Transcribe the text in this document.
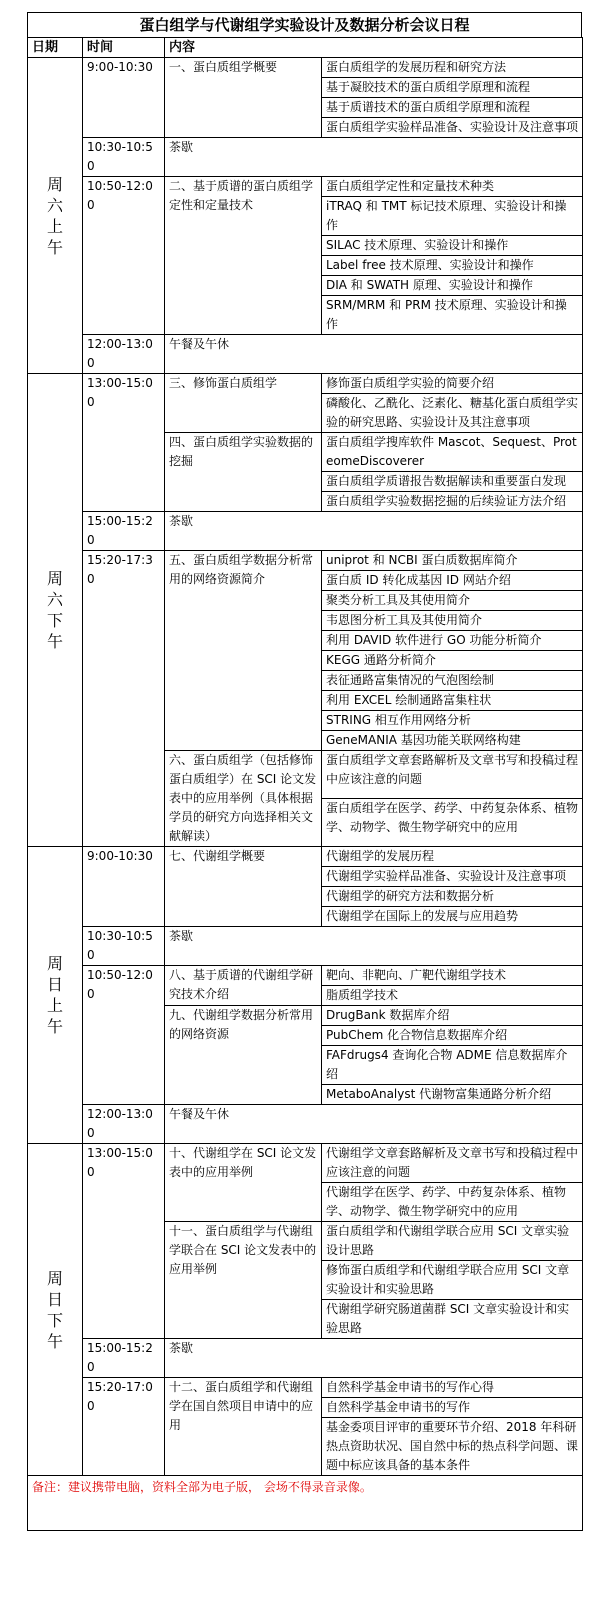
蛋白组学与代谢组学实验设计及数据分析会议日程
日期	时间	内容	

周六上午	9:00-10:30	一、蛋白质组学概要	蛋白质组学的发展历程和研究方法
			基于凝胶技术的蛋白质组学原理和流程
			基于质谱技术的蛋白质组学原理和流程
			蛋白质组学实验样品准备、实验设计及注意事项
	10:30-10:50	茶歇	
	10:50-12:00	二、基于质谱的蛋白质组学定性和定量技术	蛋白质组学定性和定量技术种类
			iTRAQ 和 TMT 标记技术原理、实验设计和操作
			SILAC 技术原理、实验设计和操作
			Label free 技术原理、实验设计和操作
			DIA 和 SWATH 原理、实验设计和操作
			SRM/MRM 和 PRM 技术原理、实验设计和操作
	12:00-13:00	午餐及午休	

周六下午	13:00-15:00	三、修饰蛋白质组学	修饰蛋白质组学实验的简要介绍
			磷酸化、乙酰化、泛素化、糖基化蛋白质组学实验的研究思路、实验设计及其注意事项
		四、蛋白质组学实验数据的挖掘	蛋白质组学搜库软件 Mascot、Sequest、ProteomeDiscoverer
			蛋白质组学质谱报告数据解读和重要蛋白发现
			蛋白质组学实验数据挖掘的后续验证方法介绍
	15:00-15:20	茶歇	
	15:20-17:30	五、蛋白质组学数据分析常用的网络资源简介	uniprot 和 NCBI 蛋白质数据库简介
			蛋白质 ID 转化成基因 ID 网站介绍
			聚类分析工具及其使用简介
			韦恩图分析工具及其使用简介
			利用 DAVID 软件进行 GO 功能分析简介
			KEGG 通路分析简介
			表征通路富集情况的气泡图绘制
			利用 EXCEL 绘制通路富集柱状
			STRING 相互作用网络分析
			GeneMANIA 基因功能关联网络构建
		六、蛋白质组学（包括修饰蛋白质组学）在 SCI 论文发表中的应用举例（具体根据学员的研究方向选择相关文献解读）	蛋白质组学文章套路解析及文章书写和投稿过程中应该注意的问题
			蛋白质组学在医学、药学、中药复杂体系、植物学、动物学、微生物学研究中的应用

周日上午	9:00-10:30	七、代谢组学概要	代谢组学的发展历程
			代谢组学实验样品准备、实验设计及注意事项
			代谢组学的研究方法和数据分析
			代谢组学在国际上的发展与应用趋势
	10:30-10:50	茶歇	
	10:50-12:00	八、基于质谱的代谢组学研究技术介绍	靶向、非靶向、广靶代谢组学技术
			脂质组学技术
		九、代谢组学数据分析常用的网络资源	DrugBank 数据库介绍
			PubChem 化合物信息数据库介绍
			FAFdrugs4 查询化合物 ADME 信息数据库介绍
			MetaboAnalyst 代谢物富集通路分析介绍
	12:00-13:00	午餐及午休	

周日下午	13:00-15:00	十、代谢组学在 SCI 论文发表中的应用举例	代谢组学文章套路解析及文章书写和投稿过程中应该注意的问题
			代谢组学在医学、药学、中药复杂体系、植物学、动物学、微生物学研究中的应用
		十一、蛋白质组学与代谢组学联合在 SCI 论文发表中的应用举例	蛋白质组学和代谢组学联合应用 SCI 文章实验设计思路
			修饰蛋白质组学和代谢组学联合应用 SCI 文章实验设计和实验思路
			代谢组学研究肠道菌群 SCI 文章实验设计和实验思路
	15:00-15:20	茶歇	
	15:20-17:00	十二、蛋白质组学和代谢组学在国自然项目申请中的应用	自然科学基金申请书的写作心得
			自然科学基金申请书的写作
			基金委项目评审的重要环节介绍、2018 年科研热点资助状况、国自然中标的热点科学问题、课题中标应该具备的基本条件
备注：建议携带电脑，资料全部为电子版， 会场不得录音录像。			
